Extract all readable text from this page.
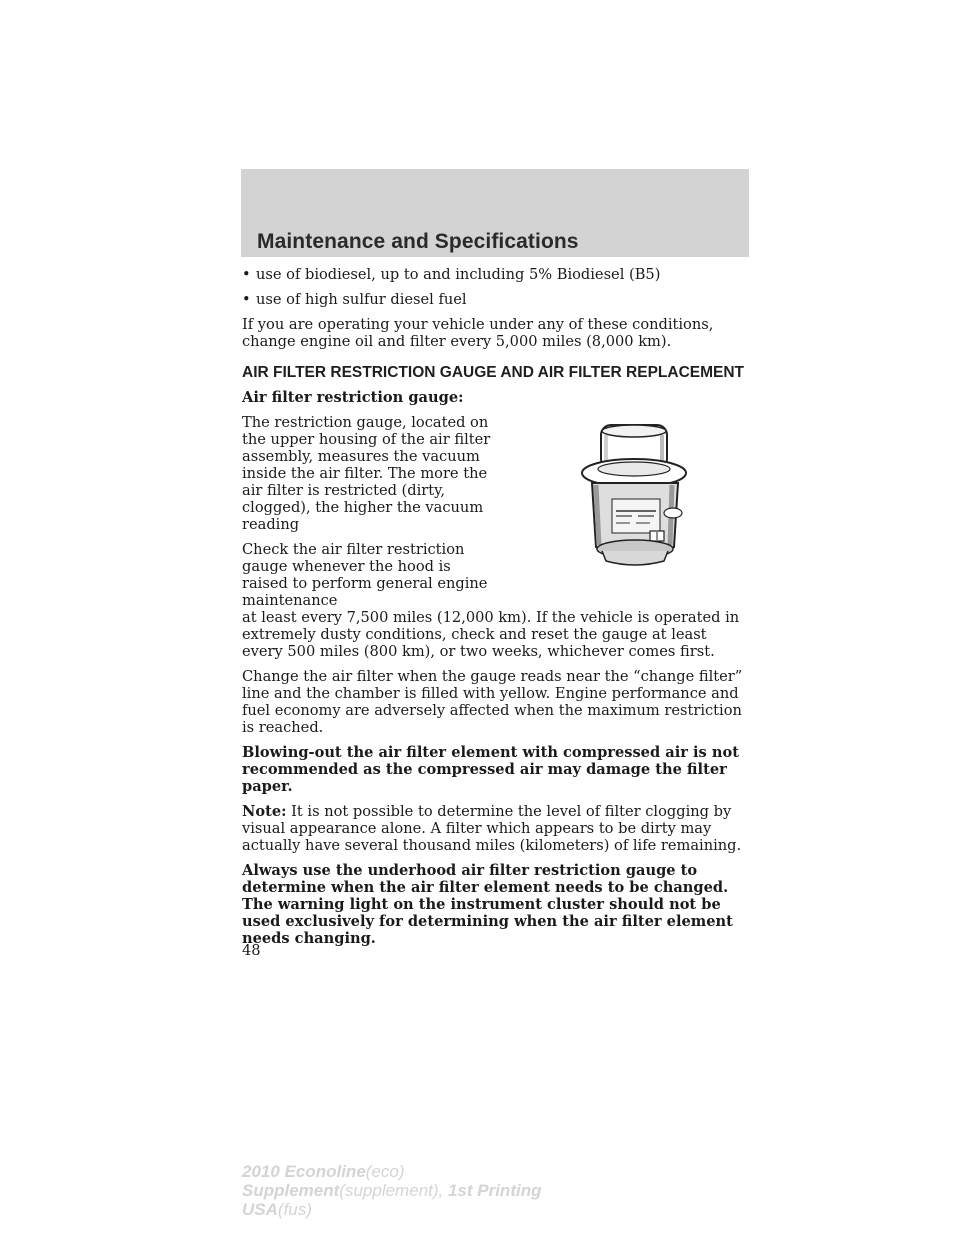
Maintenance and Specifications
• use of biodiesel, up to and including 5% Biodiesel (B5)
• use of high sulfur diesel fuel

If you are operating your vehicle under any of these conditions, change engine oil and filter every 5,000 miles (8,000 km).

AIR FILTER RESTRICTION GAUGE AND AIR FILTER REPLACEMENT

Air filter restriction gauge:

The restriction gauge, located on the upper housing of the air filter assembly, measures the vacuum inside the air filter. The more the air filter is restricted (dirty, clogged), the higher the vacuum reading

Check the air filter restriction gauge whenever the hood is raised to perform general engine maintenance

at least every 7,500 miles (12,000 km). If the vehicle is operated in extremely dusty conditions, check and reset the gauge at least every 500 miles (800 km), or two weeks, whichever comes first.

Change the air filter when the gauge reads near the “change filter” line and the chamber is filled with yellow. Engine performance and fuel economy are adversely affected when the maximum restriction is reached.

Blowing-out the air filter element with compressed air is not recommended as the compressed air may damage the filter paper.

Note: It is not possible to determine the level of filter clogging by visual appearance alone. A filter which appears to be dirty may actually have several thousand miles (kilometers) of life remaining.

Always use the underhood air filter restriction gauge to determine when the air filter element needs to be changed. The warning light on the instrument cluster should not be used exclusively for determining when the air filter element needs changing.

48
2010 Econoline(eco)
Supplement(supplement), 1st Printing
USA(fus)
